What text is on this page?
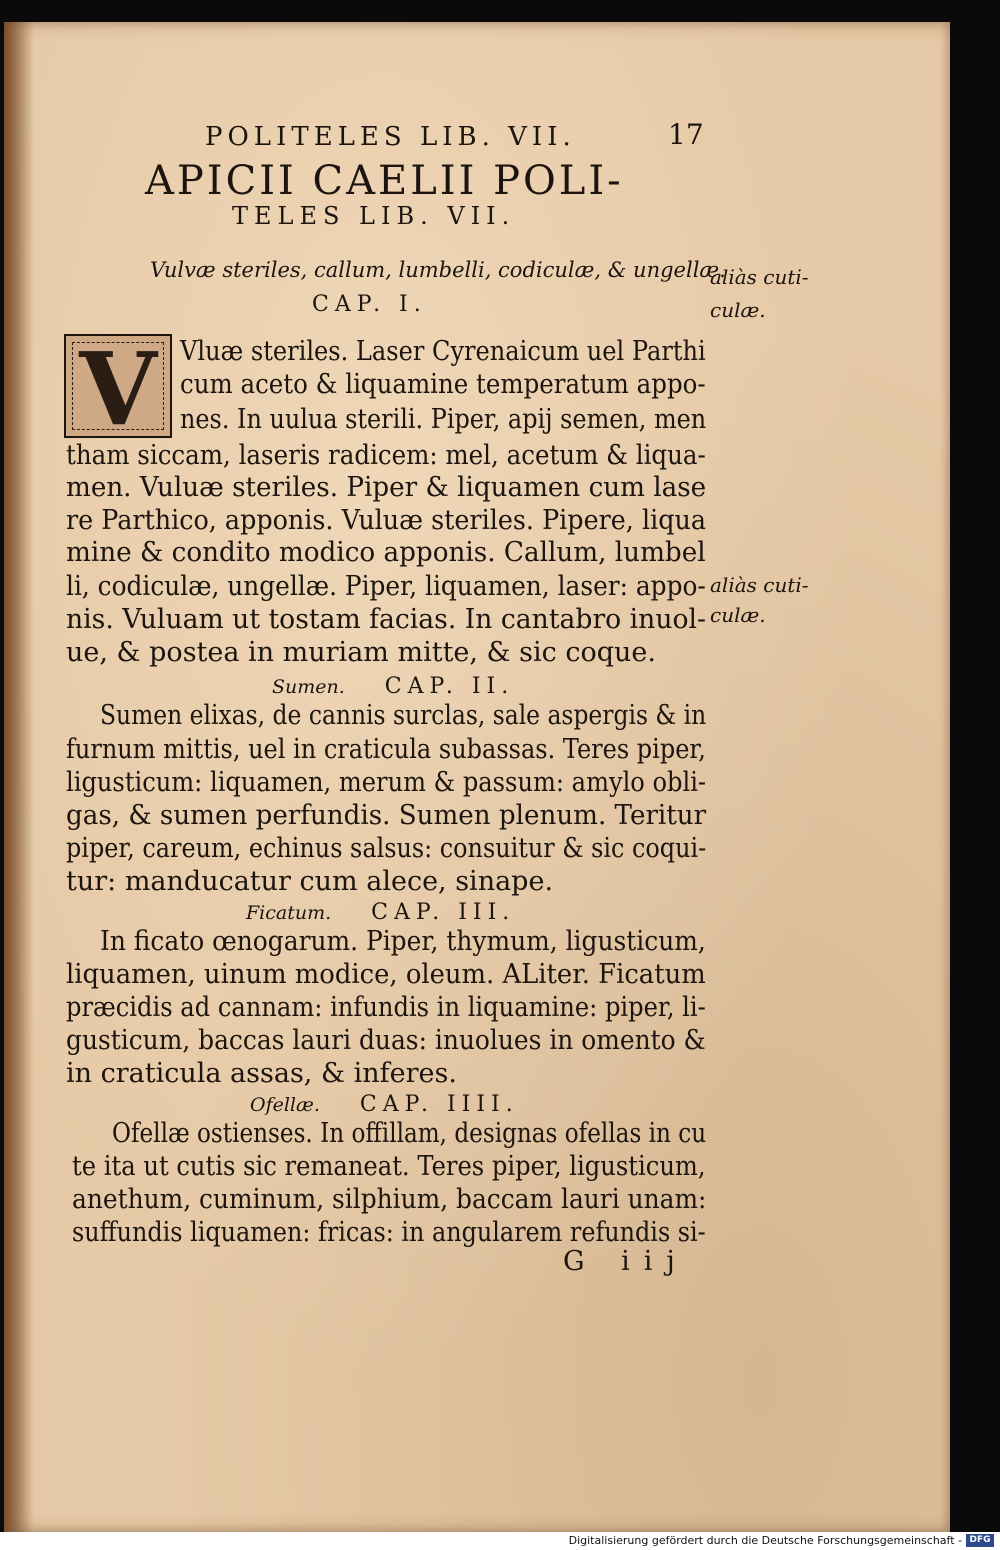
POLITELES LIB. VII.	17
APICII CAELII POLI-
TELES LIB. VII.
Vulvæ steriles, callum, lumbelli, codiculæ, & ungellæ.
CAP. I.
aliàs cuti-
culæ.
aliàs cuti-
culæ.
V Vluæ steriles. Laser Cyrenaicum uel Parthi
cum aceto & liquamine temperatum appo-
nes. In uulua sterili. Piper, apij semen, men
tham siccam, laseris radicem: mel, acetum & liqua-
men. Vuluæ steriles. Piper & liquamen cum lase
re Parthico, apponis. Vuluæ steriles. Pipere, liqua
mine & condito modico apponis. Callum, lumbel
li, codiculæ, ungellæ. Piper, liquamen, laser: appo-
nis. Vuluam ut tostam facias. In cantabro inuol-
ue, & postea in muriam mitte, & sic coque.
Sumen. CAP. II.
Sumen elixas, de cannis surclas, sale aspergis & in
furnum mittis, uel in craticula subassas. Teres piper,
ligusticum: liquamen, merum & passum: amylo obli-
gas, & sumen perfundis. Sumen plenum. Teritur
piper, careum, echinus salsus: consuitur & sic coqui-
tur: manducatur cum alece, sinape.
Ficatum. CAP. III.
In ficato œnogarum. Piper, thymum, ligusticum,
liquamen, uinum modice, oleum. ALiter. Ficatum
præcidis ad cannam: infundis in liquamine: piper, li-
gusticum, baccas lauri duas: inuolues in omento &
in craticula assas, & inferes.
Ofellæ. CAP. IIII.
Ofellæ ostienses. In offillam, designas ofellas in cu
te ita ut cutis sic remaneat. Teres piper, ligusticum,
anethum, cuminum, silphium, baccam lauri unam:
suffundis liquamen: fricas: in angularem refundis si-
G iij
Digitalisierung gefördert durch die Deutsche Forschungsgemeinschaft - DFG
